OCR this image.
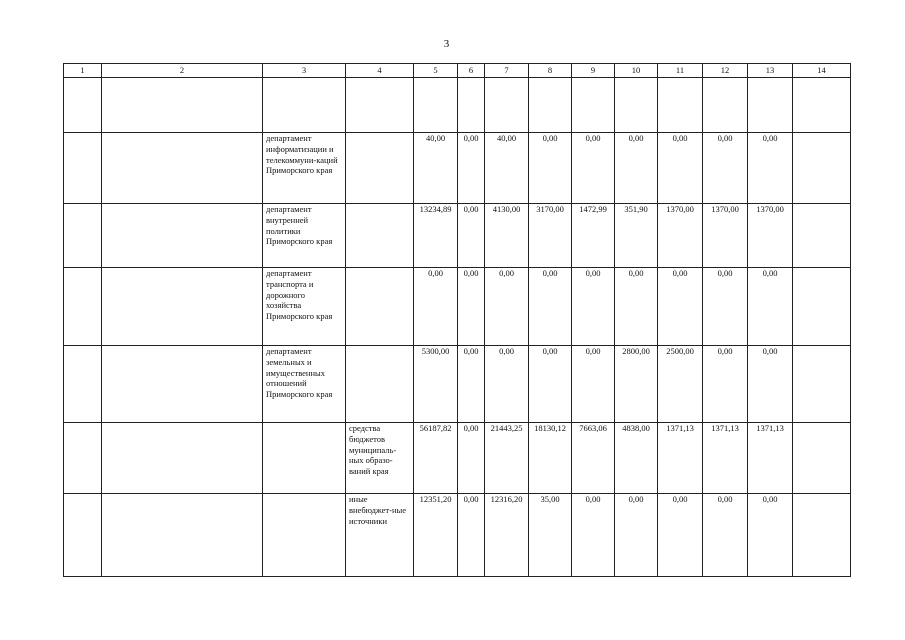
3
1	2	3	4	5	6	7	8	9	10	11	12	13	14

		департамент информатизации и телекоммуни-каций Приморского края		40,00	0,00	40,00	0,00	0,00	0,00	0,00	0,00	0,00	
		департамент внутренней политики Приморского края		13234,89	0,00	4130,00	3170,00	1472,99	351,90	1370,00	1370,00	1370,00	
		департамент транспорта и дорожного хозяйства Приморского края		0,00	0,00	0,00	0,00	0,00	0,00	0,00	0,00	0,00	
		департамент земельных и имущественных отношений Приморского края		5300,00	0,00	0,00	0,00	0,00	2800,00	2500,00	0,00	0,00	
			средства бюджетов муниципаль-ных образо-ваний края	56187,82	0,00	21443,25	18130,12	7663,06	4838,00	1371,13	1371,13	1371,13	
			иные внебюджет-ные источники	12351,20	0,00	12316,20	35,00	0,00	0,00	0,00	0,00	0,00	
